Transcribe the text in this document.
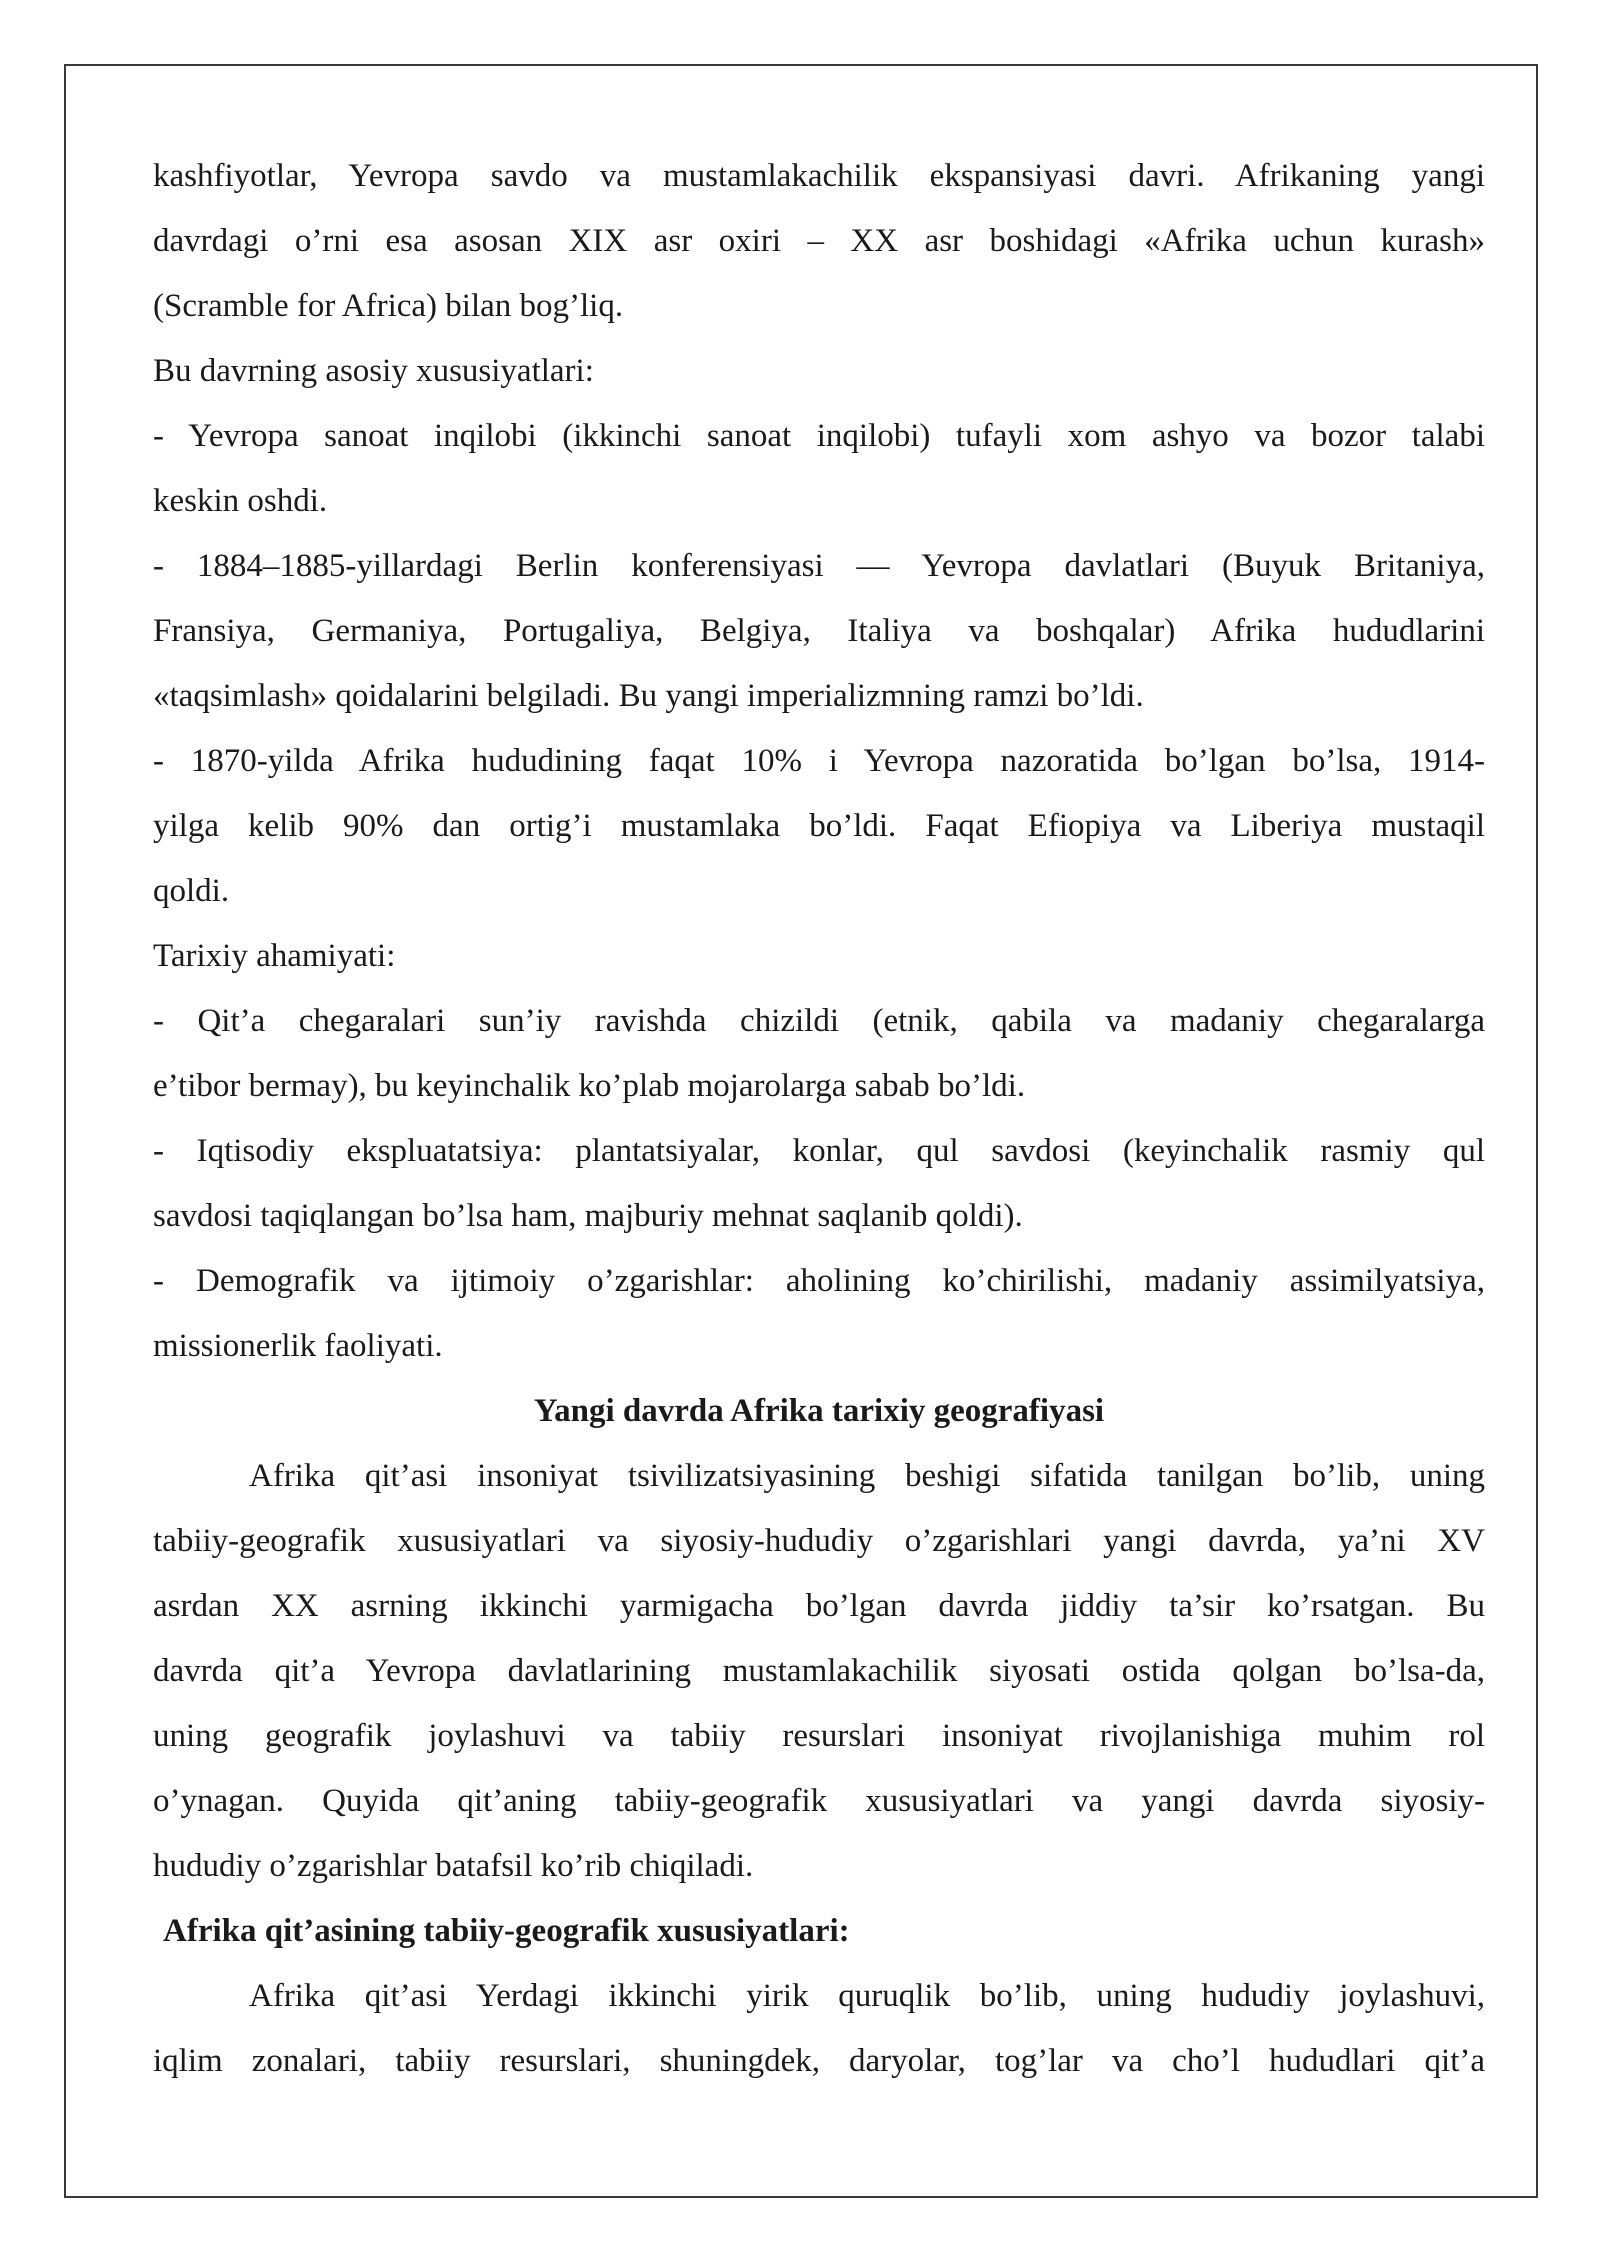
kashfiyotlar, Yevropa savdo va mustamlakachilik ekspansiyasi davri. Afrikaning yangi
davrdagi o’rni esa asosan XIX asr oxiri – XX asr boshidagi «Afrika uchun kurash»
(Scramble for Africa) bilan bog’liq.
Bu davrning asosiy xususiyatlari:
- Yevropa sanoat inqilobi (ikkinchi sanoat inqilobi) tufayli xom ashyo va bozor talabi
keskin oshdi.
- 1884–1885-yillardagi Berlin konferensiyasi — Yevropa davlatlari (Buyuk Britaniya,
Fransiya, Germaniya, Portugaliya, Belgiya, Italiya va boshqalar) Afrika hududlarini
«taqsimlash» qoidalarini belgiladi. Bu yangi imperializmning ramzi bo’ldi.
- 1870-yilda Afrika hududining faqat 10% i Yevropa nazoratida bo’lgan bo’lsa, 1914-
yilga kelib 90% dan ortig’i mustamlaka bo’ldi. Faqat Efiopiya va Liberiya mustaqil
qoldi.
Tarixiy ahamiyati:
- Qit’a chegaralari sun’iy ravishda chizildi (etnik, qabila va madaniy chegaralarga
e’tibor bermay), bu keyinchalik ko’plab mojarolarga sabab bo’ldi.
- Iqtisodiy ekspluatatsiya: plantatsiyalar, konlar, qul savdosi (keyinchalik rasmiy qul
savdosi taqiqlangan bo’lsa ham, majburiy mehnat saqlanib qoldi).
- Demografik va ijtimoiy o’zgarishlar: aholining ko’chirilishi, madaniy assimilyatsiya,
missionerlik faoliyati.
Yangi davrda Afrika tarixiy geografiyasi
Afrika qit’asi insoniyat tsivilizatsiyasining beshigi sifatida tanilgan bo’lib, uning
tabiiy-geografik xususiyatlari va siyosiy-hududiy o’zgarishlari yangi davrda, ya’ni XV
asrdan XX asrning ikkinchi yarmigacha bo’lgan davrda jiddiy ta’sir ko’rsatgan. Bu
davrda qit’a Yevropa davlatlarining mustamlakachilik siyosati ostida qolgan bo’lsa-da,
uning geografik joylashuvi va tabiiy resurslari insoniyat rivojlanishiga muhim rol
o’ynagan. Quyida qit’aning tabiiy-geografik xususiyatlari va yangi davrda siyosiy-
hududiy o’zgarishlar batafsil ko’rib chiqiladi.
Afrika qit’asining tabiiy-geografik xususiyatlari:
Afrika qit’asi Yerdagi ikkinchi yirik quruqlik bo’lib, uning hududiy joylashuvi,
iqlim zonalari, tabiiy resurslari, shuningdek, daryolar, tog’lar va cho’l hududlari qit’a
